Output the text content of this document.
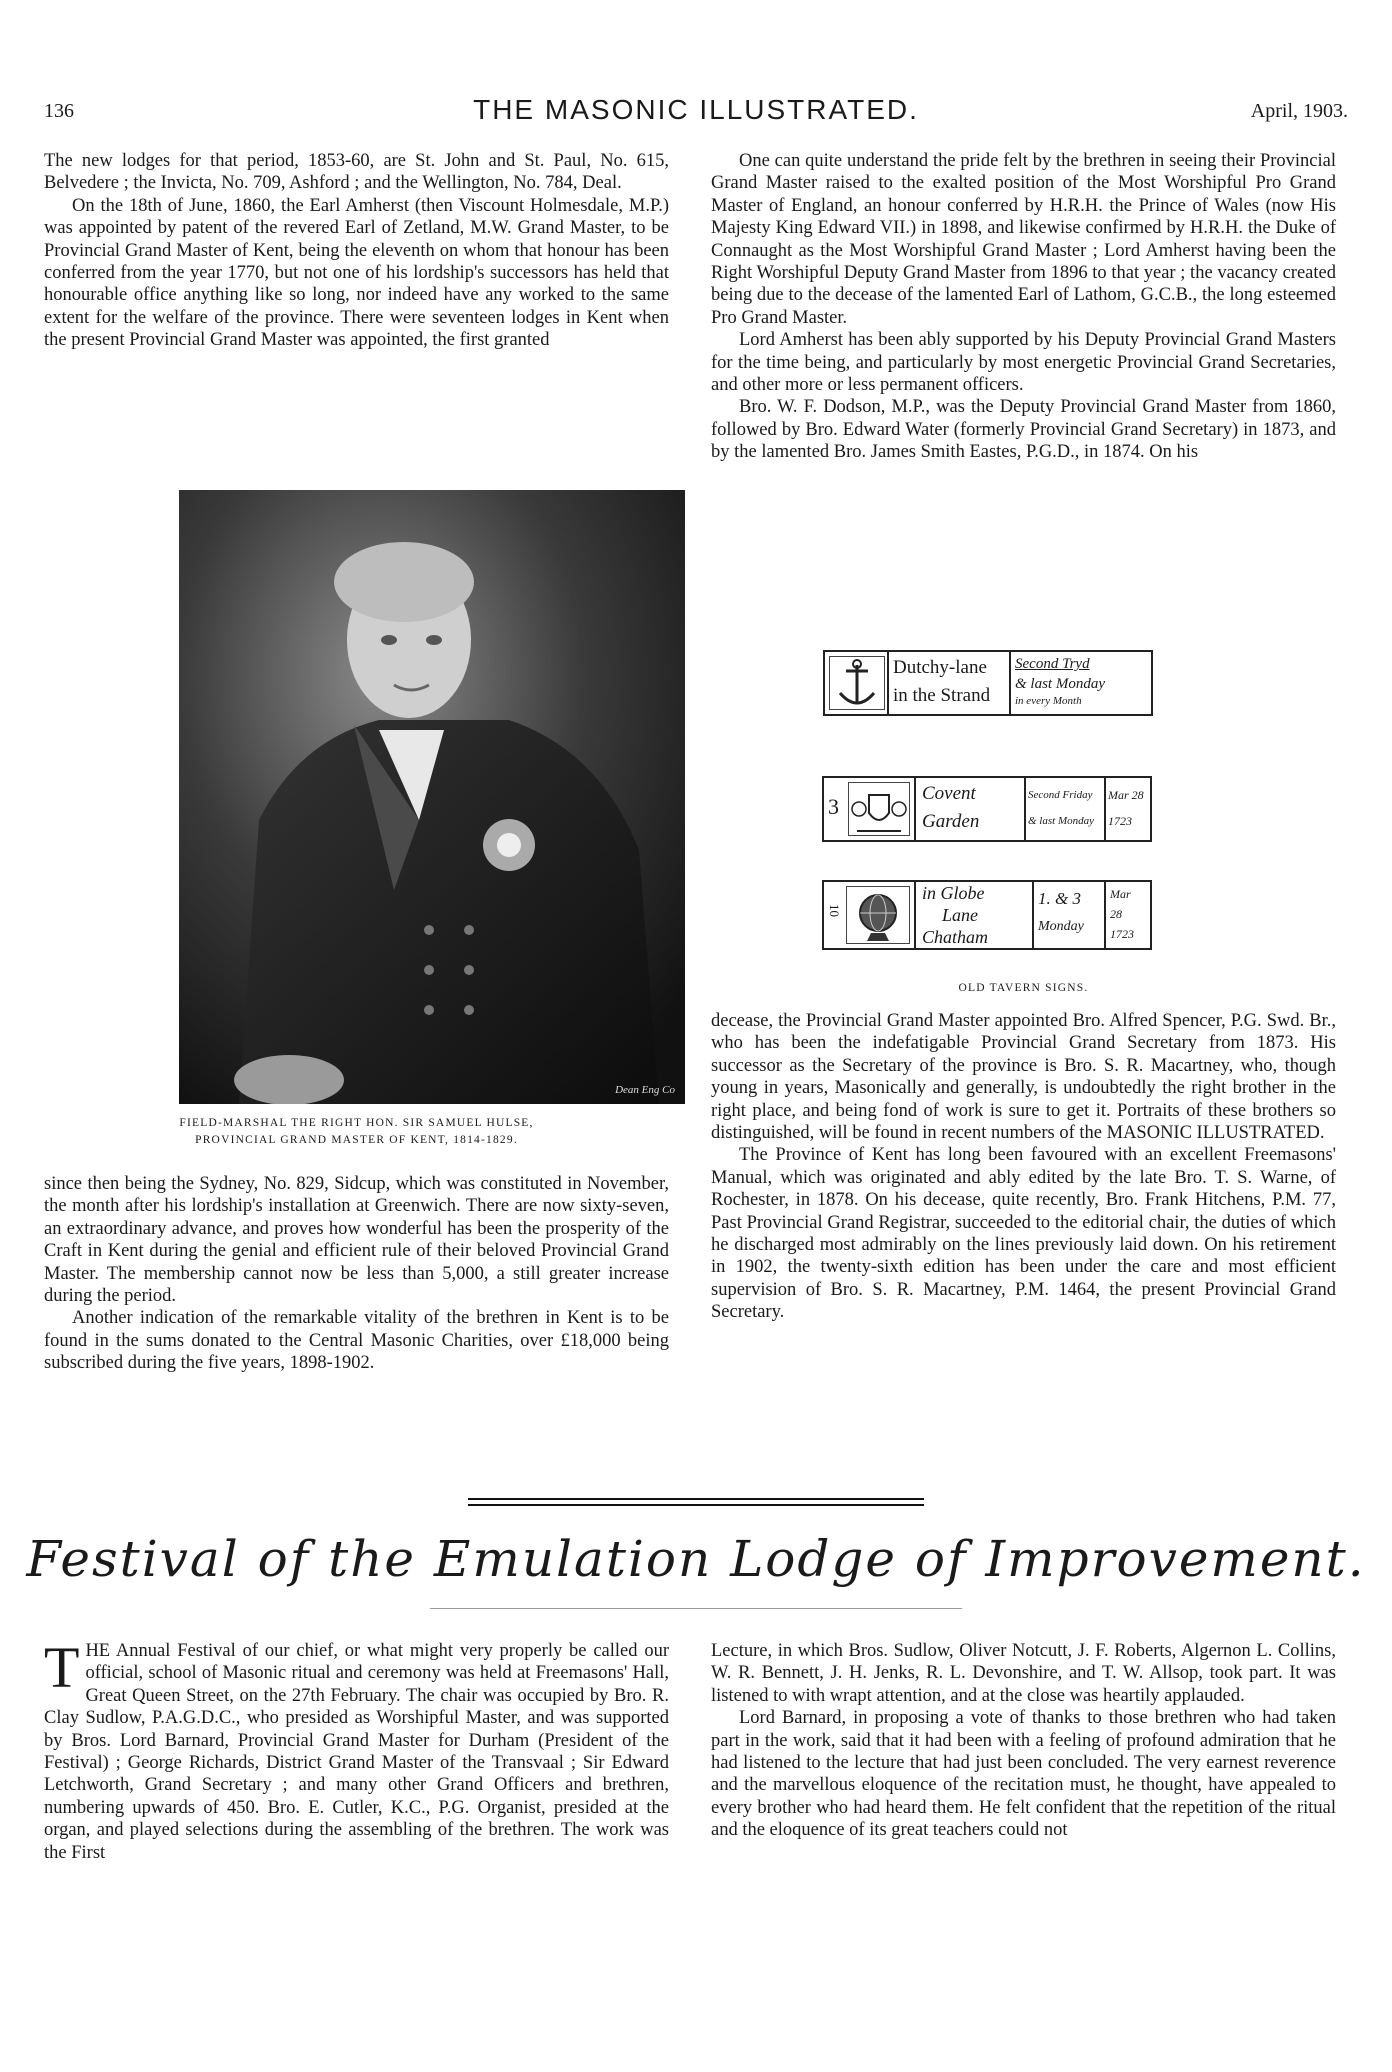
136	THE MASONIC ILLUSTRATED.	April, 1903.

The new lodges for that period, 1853-60, are St. John and St. Paul, No. 615, Belvedere ; the Invicta, No. 709, Ashford ; and the Wellington, No. 784, Deal.

On the 18th of June, 1860, the Earl Amherst (then Viscount Holmesdale, M.P.) was appointed by patent of the revered Earl of Zetland, M.W. Grand Master, to be Provincial Grand Master of Kent, being the eleventh on whom that honour has been conferred from the year 1770, but not one of his lordship's successors has held that honourable office anything like so long, nor indeed have any worked to the same extent for the welfare of the province. There were seventeen lodges in Kent when the present Provincial Grand Master was appointed, the first granted

Dean Eng Co
FIELD-MARSHAL THE RIGHT HON. SIR SAMUEL HULSE,
PROVINCIAL GRAND MASTER OF KENT, 1814-1829.

since then being the Sydney, No. 829, Sidcup, which was constituted in November, the month after his lordship's installation at Greenwich. There are now sixty-seven, an extraordinary advance, and proves how wonderful has been the prosperity of the Craft in Kent during the genial and efficient rule of their beloved Provincial Grand Master. The membership cannot now be less than 5,000, a still greater increase during the period.

Another indication of the remarkable vitality of the brethren in Kent is to be found in the sums donated to the Central Masonic Charities, over £18,000 being subscribed during the five years, 1898-1902.

One can quite understand the pride felt by the brethren in seeing their Provincial Grand Master raised to the exalted position of the Most Worshipful Pro Grand Master of England, an honour conferred by H.R.H. the Prince of Wales (now His Majesty King Edward VII.) in 1898, and likewise confirmed by H.R.H. the Duke of Connaught as the Most Worshipful Grand Master ; Lord Amherst having been the Right Worshipful Deputy Grand Master from 1896 to that year ; the vacancy created being due to the decease of the lamented Earl of Lathom, G.C.B., the long esteemed Pro Grand Master.

Lord Amherst has been ably supported by his Deputy Provincial Grand Masters for the time being, and particularly by most energetic Provincial Grand Secretaries, and other more or less permanent officers.

Bro. W. F. Dodson, M.P., was the Deputy Provincial Grand Master from 1860, followed by Bro. Edward Water (formerly Provincial Grand Secretary) in 1873, and by the lamented Bro. James Smith Eastes, P.G.D., in 1874. On his

Dutchy-lane
in the Strand
Second Tryd
& last Monday
in every Month
3
Covent
Garden
Second Friday
& last Monday
Mar 28
1723
10
in Globe
Lane
Chatham
1. & 3
Monday
Mar
28
1723
OLD TAVERN SIGNS.

decease, the Provincial Grand Master appointed Bro. Alfred Spencer, P.G. Swd. Br., who has been the indefatigable Provincial Grand Secretary from 1873. His successor as the Secretary of the province is Bro. S. R. Macartney, who, though young in years, Masonically and generally, is undoubtedly the right brother in the right place, and being fond of work is sure to get it. Portraits of these brothers so distinguished, will be found in recent numbers of the MASONIC ILLUSTRATED.

The Province of Kent has long been favoured with an excellent Freemasons' Manual, which was originated and ably edited by the late Bro. T. S. Warne, of Rochester, in 1878. On his decease, quite recently, Bro. Frank Hitchens, P.M. 77, Past Provincial Grand Registrar, succeeded to the editorial chair, the duties of which he discharged most admirably on the lines previously laid down. On his retirement in 1902, the twenty-sixth edition has been under the care and most efficient supervision of Bro. S. R. Macartney, P.M. 1464, the present Provincial Grand Secretary.

Festival of the Emulation Lodge of Improvement.

THE Annual Festival of our chief, or what might very properly be called our official, school of Masonic ritual and ceremony was held at Freemasons' Hall, Great Queen Street, on the 27th February. The chair was occupied by Bro. R. Clay Sudlow, P.A.G.D.C., who presided as Worshipful Master, and was supported by Bros. Lord Barnard, Provincial Grand Master for Durham (President of the Festival) ; George Richards, District Grand Master of the Transvaal ; Sir Edward Letchworth, Grand Secretary ; and many other Grand Officers and brethren, numbering upwards of 450. Bro. E. Cutler, K.C., P.G. Organist, presided at the organ, and played selections during the assembling of the brethren. The work was the First

Lecture, in which Bros. Sudlow, Oliver Notcutt, J. F. Roberts, Algernon L. Collins, W. R. Bennett, J. H. Jenks, R. L. Devonshire, and T. W. Allsop, took part. It was listened to with wrapt attention, and at the close was heartily applauded.

Lord Barnard, in proposing a vote of thanks to those brethren who had taken part in the work, said that it had been with a feeling of profound admiration that he had listened to the lecture that had just been concluded. The very earnest reverence and the marvellous eloquence of the recitation must, he thought, have appealed to every brother who had heard them. He felt confident that the repetition of the ritual and the eloquence of its great teachers could not
